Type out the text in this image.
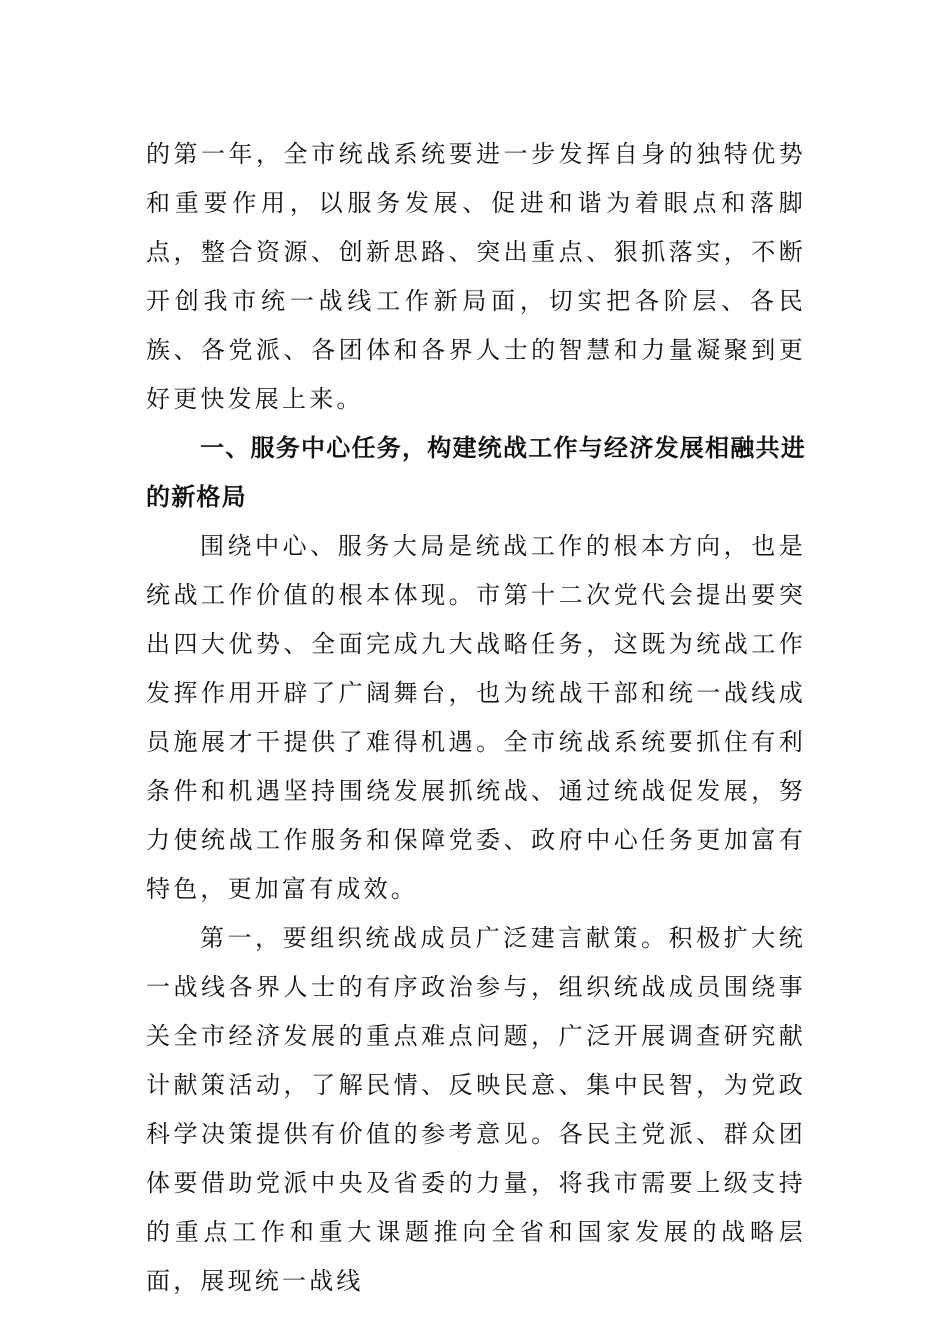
的第一年，全市统战系统要进一步发挥自身的独特优势和重要作用，以服务发展、促进和谐为着眼点和落脚点，整合资源、创新思路、突出重点、狠抓落实，不断开创我市统一战线工作新局面，切实把各阶层、各民族、各党派、各团体和各界人士的智慧和力量凝聚到更好更快发展上来。

一、服务中心任务，构建统战工作与经济发展相融共进的新格局

围绕中心、服务大局是统战工作的根本方向，也是统战工作价值的根本体现。市第十二次党代会提出要突出四大优势、全面完成九大战略任务，这既为统战工作发挥作用开辟了广阔舞台，也为统战干部和统一战线成员施展才干提供了难得机遇。全市统战系统要抓住有利条件和机遇坚持围绕发展抓统战、通过统战促发展，努力使统战工作服务和保障党委、政府中心任务更加富有特色，更加富有成效。

第一，要组织统战成员广泛建言献策。积极扩大统一战线各界人士的有序政治参与，组织统战成员围绕事关全市经济发展的重点难点问题，广泛开展调查研究献计献策活动，了解民情、反映民意、集中民智，为党政科学决策提供有价值的参考意见。各民主党派、群众团体要借助党派中央及省委的力量，将我市需要上级支持的重点工作和重大课题推向全省和国家发展的战略层面，展现统一战线
